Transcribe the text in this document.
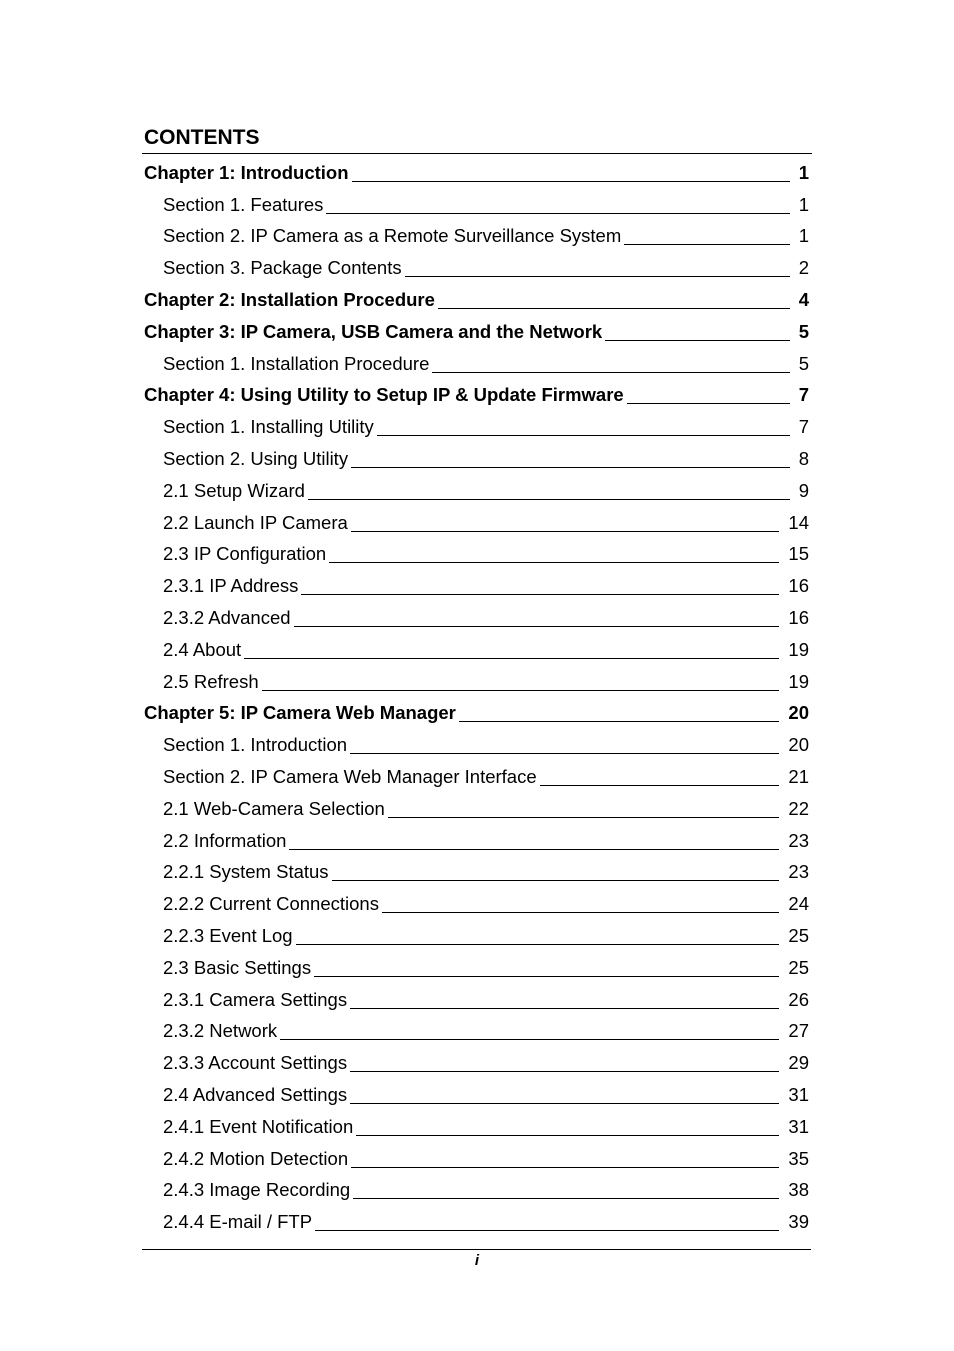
CONTENTS
Chapter 1: Introduction	1
Section 1. Features	1
Section 2. IP Camera as a Remote Surveillance System	1
Section 3. Package Contents	2
Chapter 2: Installation Procedure	4
Chapter 3: IP Camera, USB Camera and the Network	5
Section 1. Installation Procedure	5
Chapter 4: Using Utility to Setup IP & Update Firmware	7
Section 1. Installing Utility	7
Section 2. Using Utility	8
2.1 Setup Wizard	9
2.2 Launch IP Camera	14
2.3 IP Configuration	15
2.3.1 IP Address	16
2.3.2 Advanced	16
2.4 About	19
2.5 Refresh	19
Chapter 5: IP Camera Web Manager	20
Section 1. Introduction	20
Section 2. IP Camera Web Manager Interface	21
2.1 Web-Camera Selection	22
2.2 Information	23
2.2.1 System Status	23
2.2.2 Current Connections	24
2.2.3 Event Log	25
2.3 Basic Settings	25
2.3.1 Camera Settings	26
2.3.2 Network	27
2.3.3 Account Settings	29
2.4 Advanced Settings	31
2.4.1 Event Notification	31
2.4.2 Motion Detection	35
2.4.3 Image Recording	38
2.4.4 E-mail / FTP	39
i
